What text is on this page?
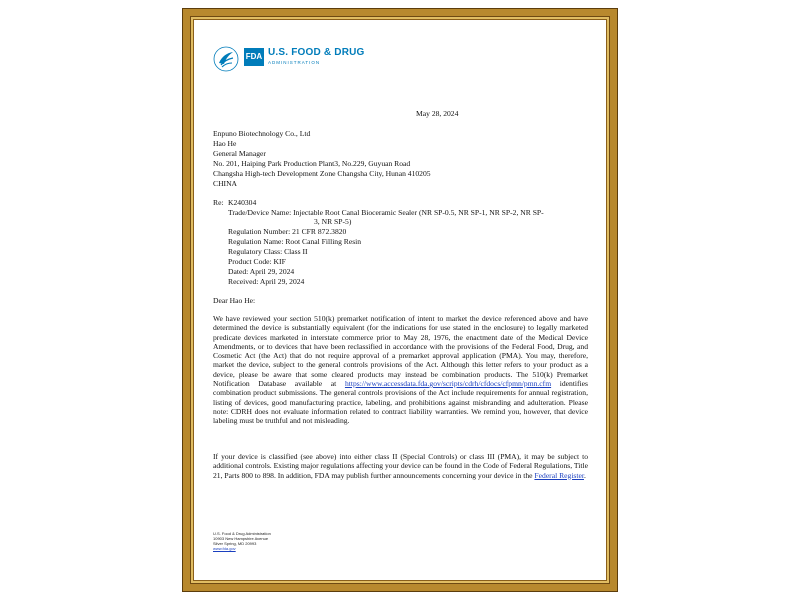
FDA U.S. FOOD & DRUG
ADMINISTRATION
May 28, 2024
Enpuno Biotechnology Co., Ltd
Hao He
General Manager
No. 201, Haiping Park Production Plant3, No.229, Guyuan Road
Changsha High-tech Development Zone Changsha City, Hunan 410205
CHINA
Re: K240304
Trade/Device Name: Injectable Root Canal Bioceramic Sealer (NR SP-0.5, NR SP-1, NR SP-2, NR SP-
3, NR SP-5)
Regulation Number: 21 CFR 872.3820
Regulation Name: Root Canal Filling Resin
Regulatory Class: Class II
Product Code: KIF
Dated: April 29, 2024
Received: April 29, 2024
Dear Hao He:
We have reviewed your section 510(k) premarket notification of intent to market the device referenced above and have determined the device is substantially equivalent (for the indications for use stated in the enclosure) to legally marketed predicate devices marketed in interstate commerce prior to May 28, 1976, the enactment date of the Medical Device Amendments, or to devices that have been reclassified in accordance with the provisions of the Federal Food, Drug, and Cosmetic Act (the Act) that do not require approval of a premarket approval application (PMA). You may, therefore, market the device, subject to the general controls provisions of the Act. Although this letter refers to your product as a device, please be aware that some cleared products may instead be combination products. The 510(k) Premarket Notification Database available at https://www.accessdata.fda.gov/scripts/cdrh/cfdocs/cfpmn/pmn.cfm identifies combination product submissions. The general controls provisions of the Act include requirements for annual registration, listing of devices, good manufacturing practice, labeling, and prohibitions against misbranding and adulteration. Please note: CDRH does not evaluate information related to contract liability warranties. We remind you, however, that device labeling must be truthful and not misleading.
If your device is classified (see above) into either class II (Special Controls) or class III (PMA), it may be subject to additional controls. Existing major regulations affecting your device can be found in the Code of Federal Regulations, Title 21, Parts 800 to 898. In addition, FDA may publish further announcements concerning your device in the Federal Register.
U.S. Food & Drug Administration
10903 New Hampshire Avenue
Silver Spring, MD 20993
www.fda.gov
